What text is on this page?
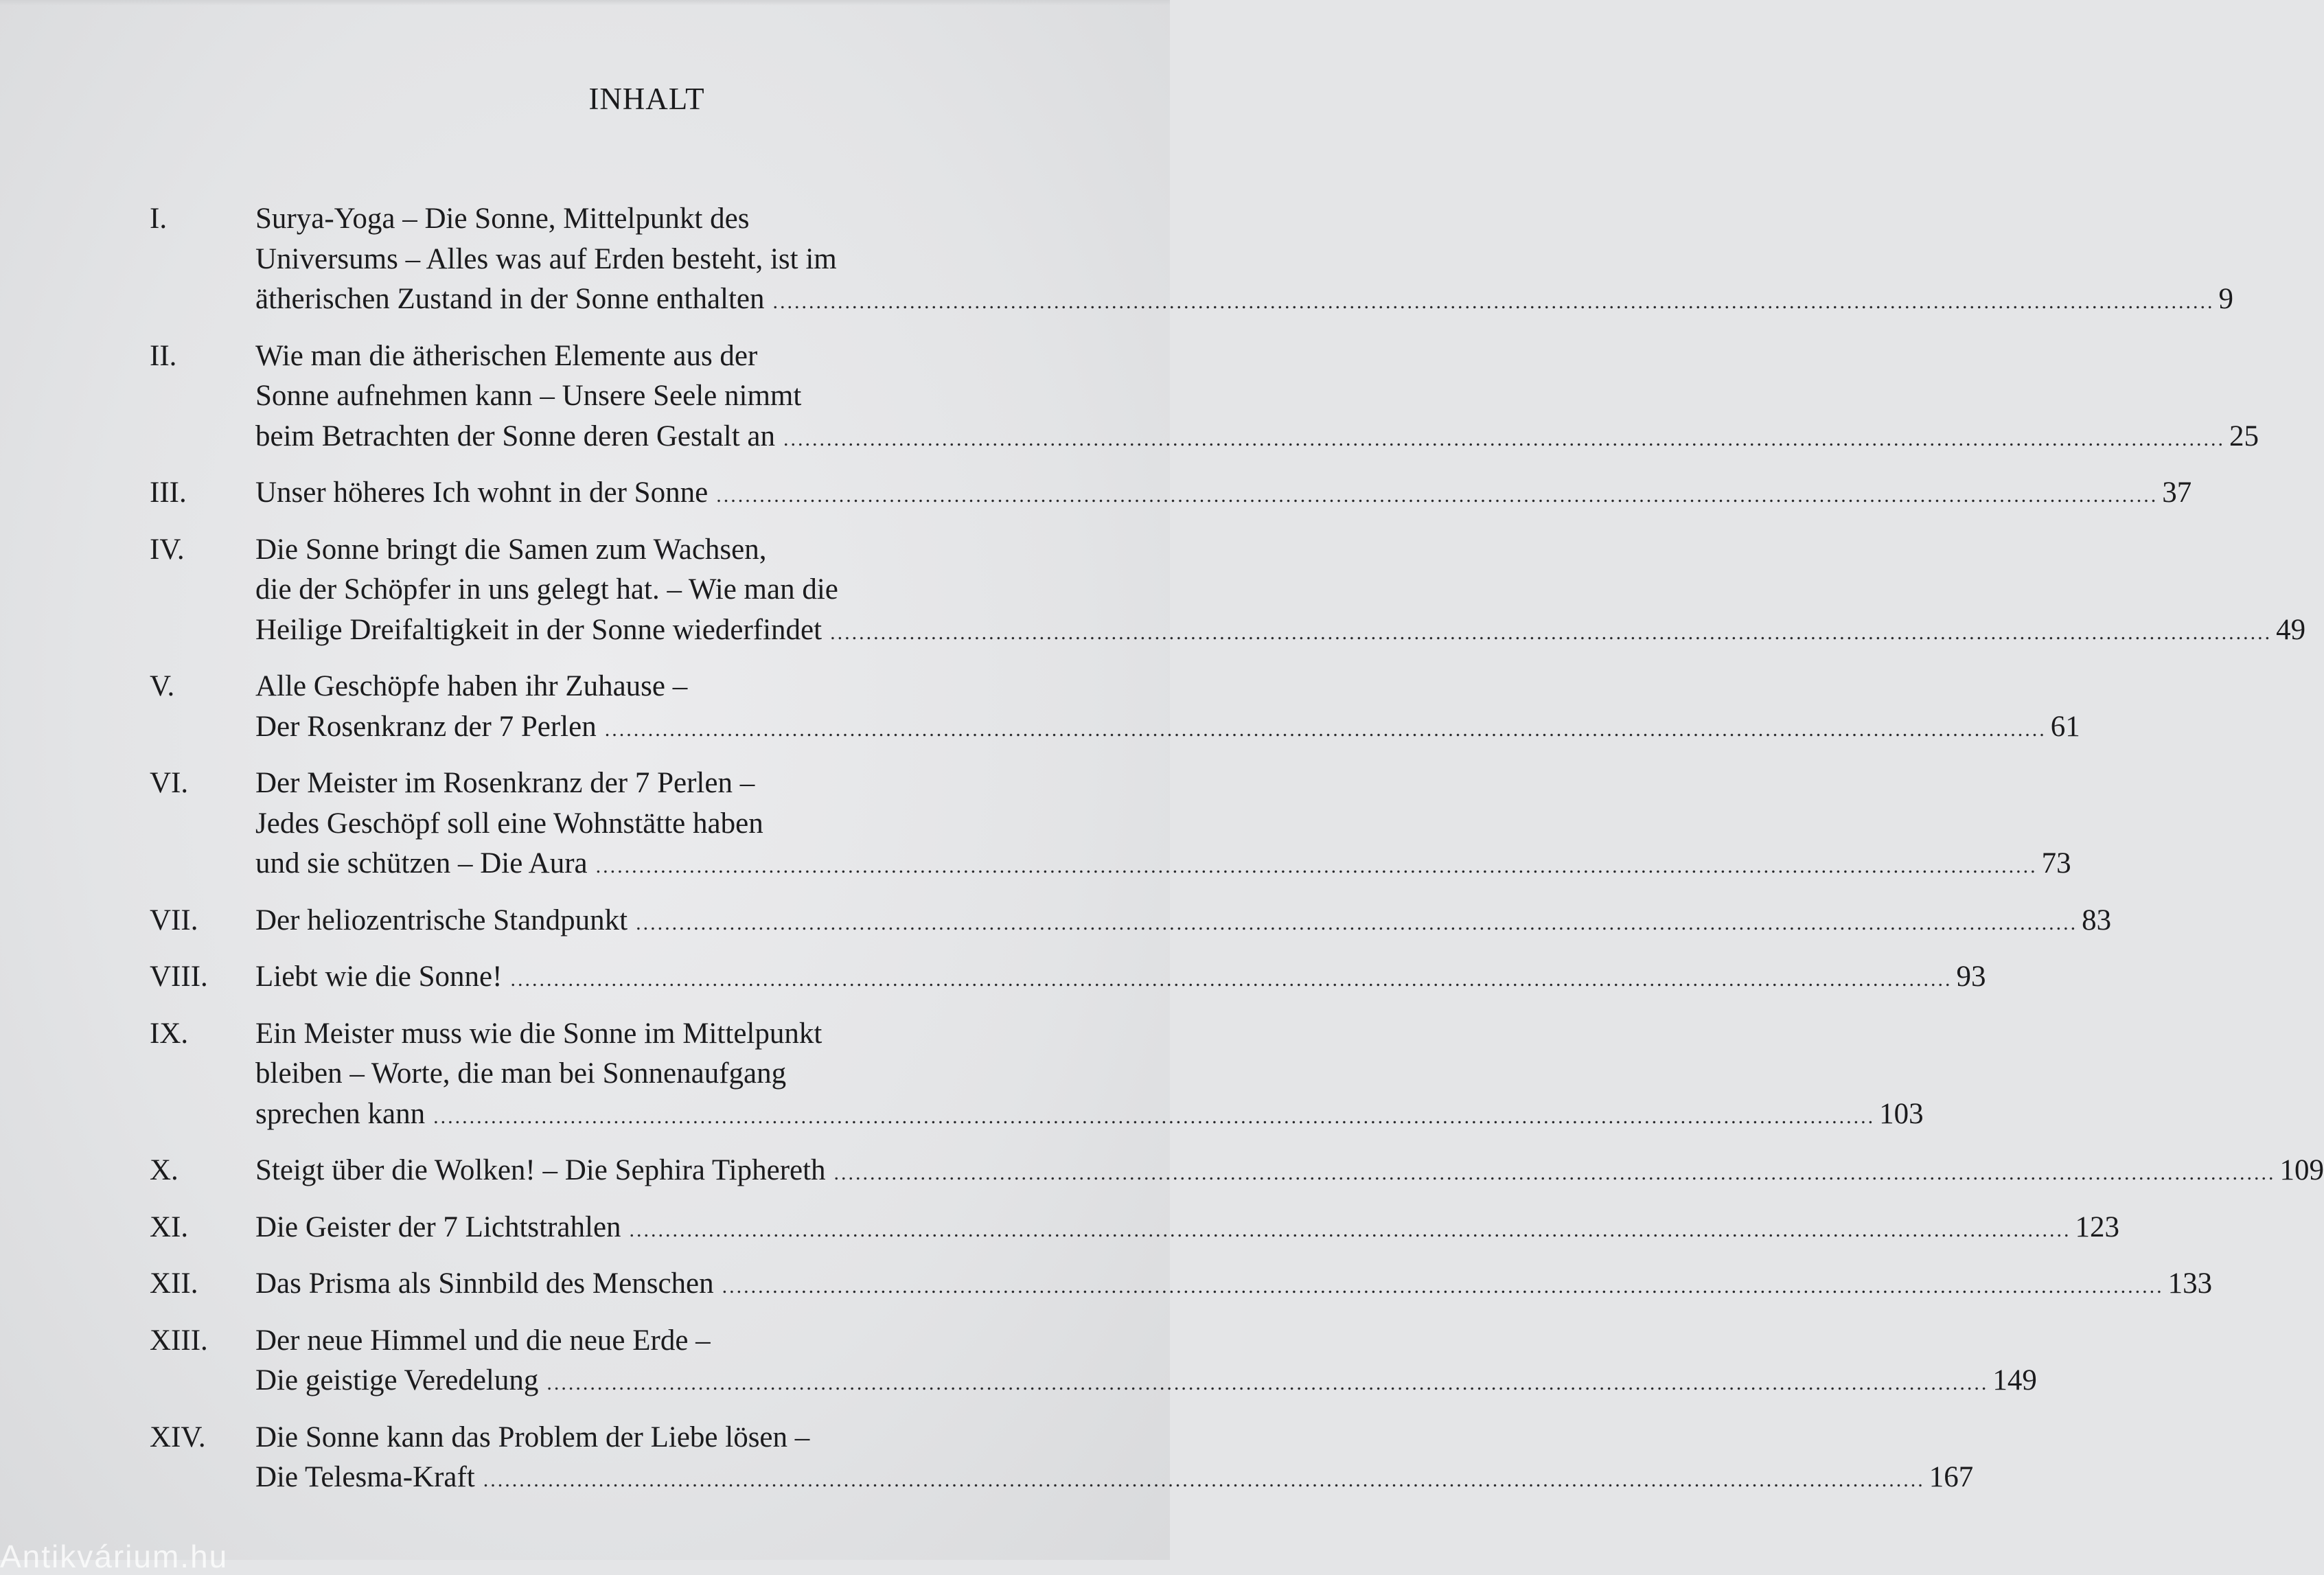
INHALT
I.	Surya-Yoga – Die Sonne, Mittelpunkt des
Universums – Alles was auf Erden besteht, ist im
ätherischen Zustand in der Sonne enthalten ........................................................................................................................................................................................................ 9
II.	Wie man die ätherischen Elemente aus der
Sonne aufnehmen kann – Unsere Seele nimmt
beim Betrachten der Sonne deren Gestalt an ........................................................................................................................................................................................................ 25
III.	Unser höheres Ich wohnt in der Sonne ........................................................................................................................................................................................................ 37
IV.	Die Sonne bringt die Samen zum Wachsen,
die der Schöpfer in uns gelegt hat. – Wie man die
Heilige Dreifaltigkeit in der Sonne wiederfindet ........................................................................................................................................................................................................ 49
V.	Alle Geschöpfe haben ihr Zuhause –
Der Rosenkranz der 7 Perlen ........................................................................................................................................................................................................ 61
VI.	Der Meister im Rosenkranz der 7 Perlen –
Jedes Geschöpf soll eine Wohnstätte haben
und sie schützen – Die Aura ........................................................................................................................................................................................................ 73
VII.	Der heliozentrische Standpunkt ........................................................................................................................................................................................................ 83
VIII.	Liebt wie die Sonne! ........................................................................................................................................................................................................ 93
IX.	Ein Meister muss wie die Sonne im Mittelpunkt
bleiben – Worte, die man bei Sonnenaufgang
sprechen kann ........................................................................................................................................................................................................ 103
X.	Steigt über die Wolken! – Die Sephira Tiphereth ........................................................................................................................................................................................................ 109
XI.	Die Geister der 7 Lichtstrahlen ........................................................................................................................................................................................................ 123
XII.	Das Prisma als Sinnbild des Menschen ........................................................................................................................................................................................................ 133
XIII.	Der neue Himmel und die neue Erde –
Die geistige Veredelung ........................................................................................................................................................................................................ 149
XIV.	Die Sonne kann das Problem der Liebe lösen –
Die Telesma-Kraft ........................................................................................................................................................................................................ 167
Antikvárium.hu
